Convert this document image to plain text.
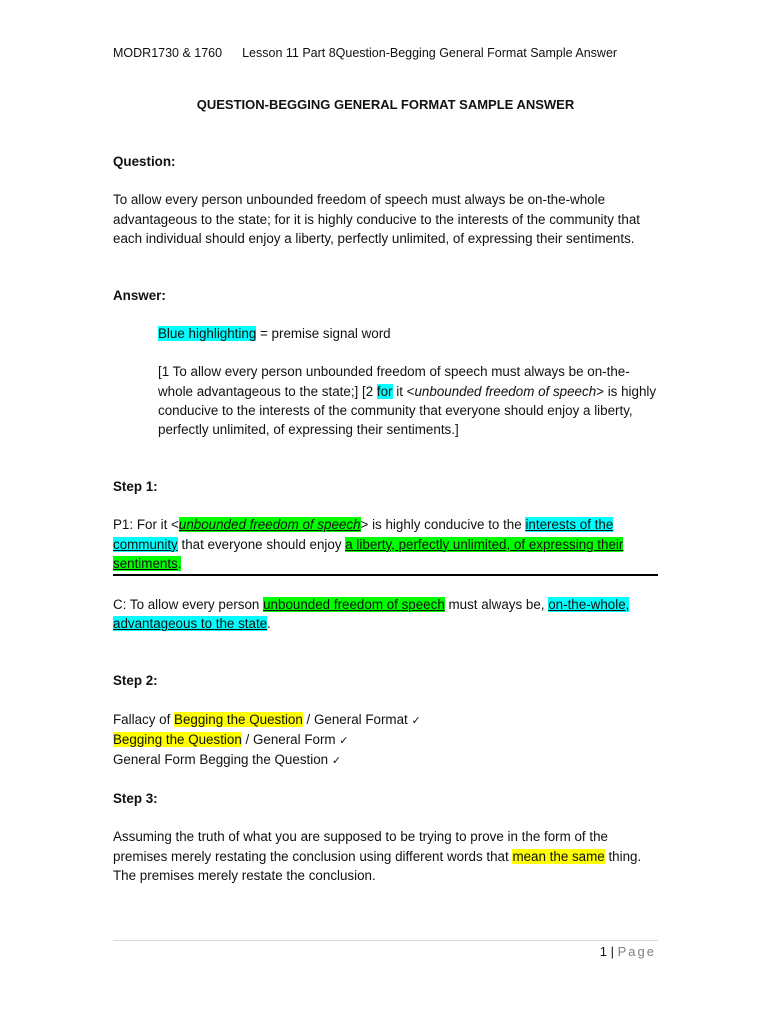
MODR1730 & 1760 Lesson 11 Part 8Question-Begging General Format Sample Answer

QUESTION-BEGGING GENERAL FORMAT SAMPLE ANSWER

Question:

To allow every person unbounded freedom of speech must always be on-the-whole advantageous to the state; for it is highly conducive to the interests of the community that each individual should enjoy a liberty, perfectly unlimited, of expressing their sentiments.

Answer:

Blue highlighting = premise signal word

[1 To allow every person unbounded freedom of speech must always be on-the-whole advantageous to the state;] [2 for it <unbounded freedom of speech> is highly conducive to the interests of the community that everyone should enjoy a liberty, perfectly unlimited, of expressing their sentiments.]

Step 1:

P1: For it <unbounded freedom of speech> is highly conducive to the interests of the community that everyone should enjoy a liberty, perfectly unlimited, of expressing their sentiments.

C: To allow every person unbounded freedom of speech must always be, on-the-whole, advantageous to the state.

Step 2:

Fallacy of Begging the Question / General Format ✓

Begging the Question / General Form ✓

General Form Begging the Question ✓

Step 3:

Assuming the truth of what you are supposed to be trying to prove in the form of the premises merely restating the conclusion using different words that mean the same thing. The premises merely restate the conclusion.

1 | Page
